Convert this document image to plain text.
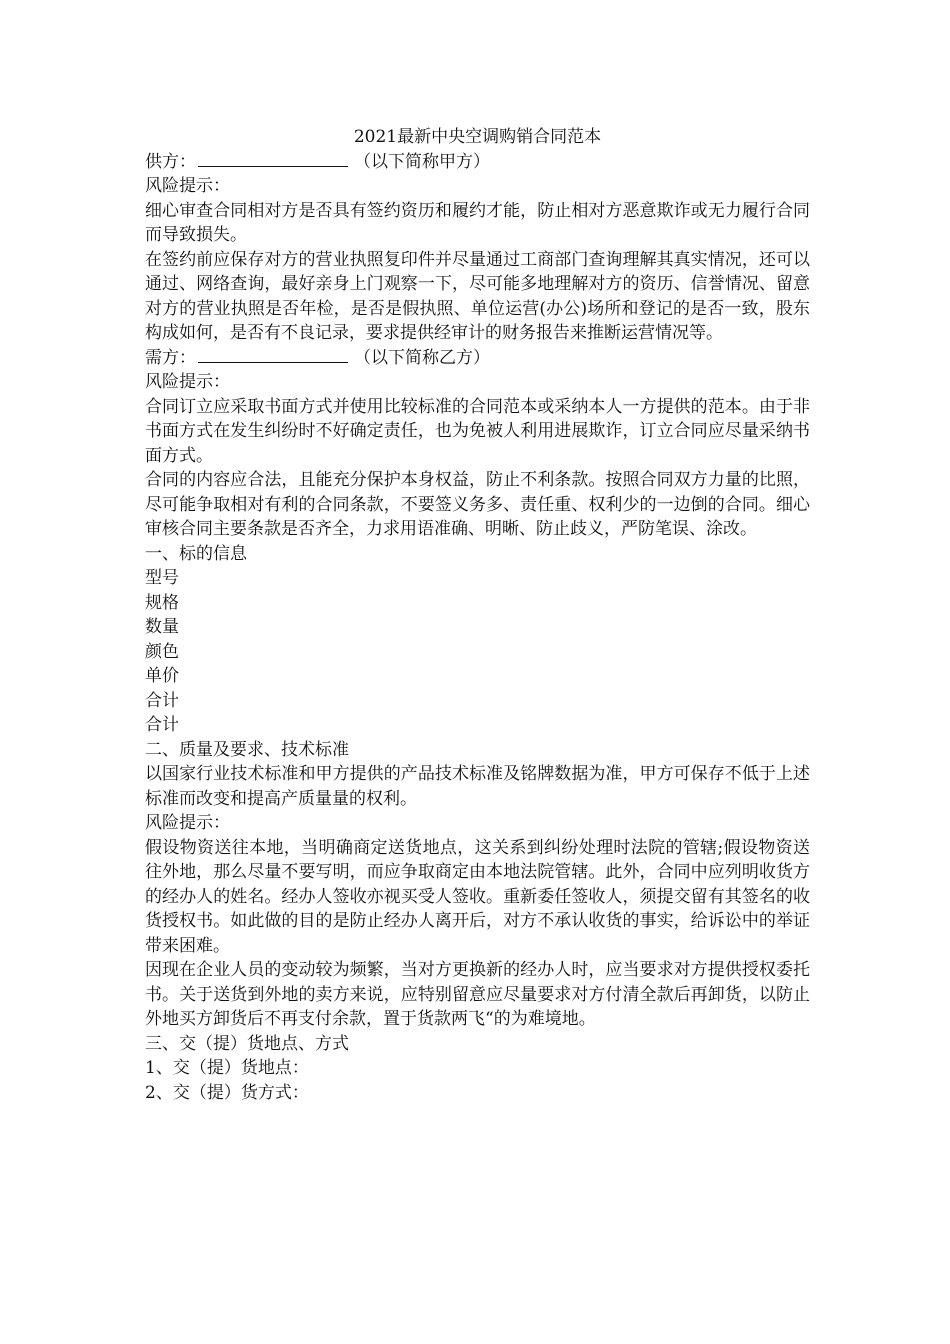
2021最新中央空调购销合同范本

供方：	（以下简称甲方）

风险提示：

细心审查合同相对方是否具有签约资历和履约才能，防止相对方恶意欺诈或无力履行合同而导致损失。

在签约前应保存对方的营业执照复印件并尽量通过工商部门查询理解其真实情况，还可以通过、网络查询，最好亲身上门观察一下，尽可能多地理解对方的资历、信誉情况、留意对方的营业执照是否年检，是否是假执照、单位运营(办公)场所和登记的是否一致，股东构成如何，是否有不良记录，要求提供经审计的财务报告来推断运营情况等。

需方：	（以下简称乙方）

风险提示：

合同订立应采取书面方式并使用比较标准的合同范本或采纳本人一方提供的范本。由于非书面方式在发生纠纷时不好确定责任，也为免被人利用进展欺诈，订立合同应尽量采纳书面方式。

合同的内容应合法，且能充分保护本身权益，防止不利条款。按照合同双方力量的比照，尽可能争取相对有利的合同条款，不要签义务多、责任重、权利少的一边倒的合同。细心审核合同主要条款是否齐全，力求用语准确、明晰、防止歧义，严防笔误、涂改。

一、标的信息

型号

规格

数量

颜色

单价

合计

合计

二、质量及要求、技术标准

以国家行业技术标准和甲方提供的产品技术标准及铭牌数据为准，甲方可保存不低于上述标准而改变和提高产质量量的权利。

风险提示：

假设物资送往本地，当明确商定送货地点，这关系到纠纷处理时法院的管辖;假设物资送往外地，那么尽量不要写明，而应争取商定由本地法院管辖。此外，合同中应列明收货方的经办人的姓名。经办人签收亦视买受人签收。重新委任签收人，须提交留有其签名的收货授权书。如此做的目的是防止经办人离开后，对方不承认收货的事实，给诉讼中的举证带来困难。

因现在企业人员的变动较为频繁，当对方更换新的经办人时，应当要求对方提供授权委托书。关于送货到外地的卖方来说，应特别留意应尽量要求对方付清全款后再卸货，以防止外地买方卸货后不再支付余款，置于货款两飞“的为难境地。

三、交（提）货地点、方式

1、交（提）货地点：

2、交（提）货方式：
